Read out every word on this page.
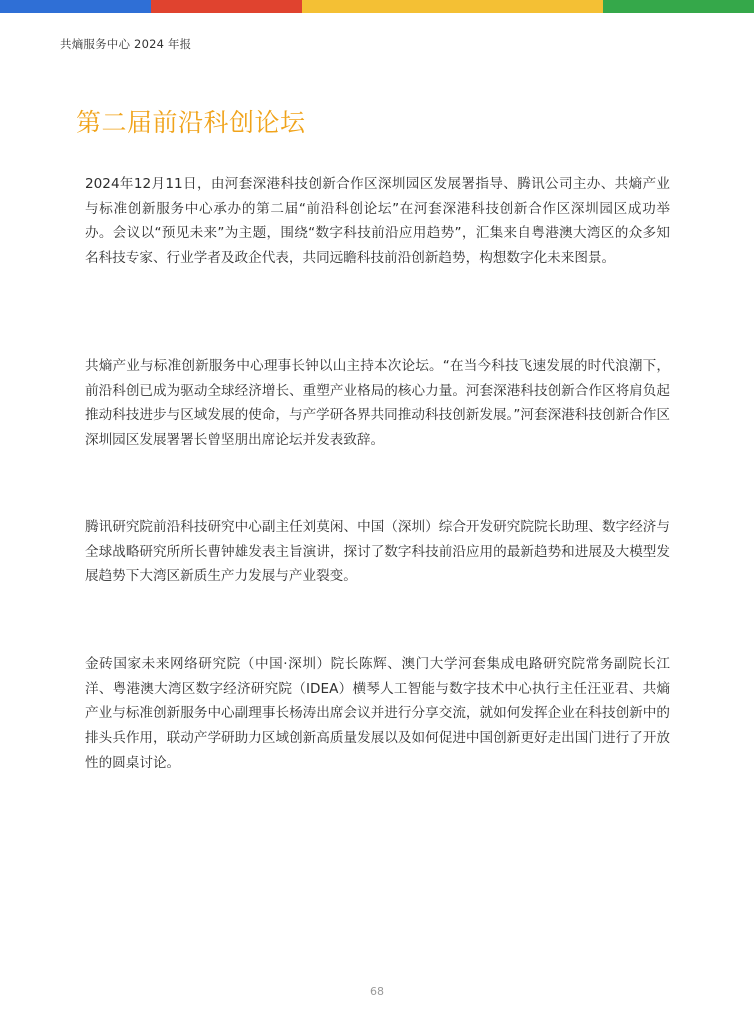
共熵服务中心 2024 年报
第二届前沿科创论坛

2024年12月11日，由河套深港科技创新合作区深圳园区发展署指导、腾讯公司主办、共熵产业与标准创新服务中心承办的第二届“前沿科创论坛”在河套深港科技创新合作区深圳园区成功举办。会议以“预见未来”为主题，围绕“数字科技前沿应用趋势”，汇集来自粤港澳大湾区的众多知名科技专家、行业学者及政企代表，共同远瞻科技前沿创新趋势，构想数字化未来图景。

共熵产业与标准创新服务中心理事长钟以山主持本次论坛。“在当今科技飞速发展的时代浪潮下，前沿科创已成为驱动全球经济增长、重塑产业格局的核心力量。河套深港科技创新合作区将肩负起推动科技进步与区域发展的使命，与产学研各界共同推动科技创新发展。”河套深港科技创新合作区深圳园区发展署署长曾坚朋出席论坛并发表致辞。

腾讯研究院前沿科技研究中心副主任刘莫闲、中国（深圳）综合开发研究院院长助理、数字经济与全球战略研究所所长曹钟雄发表主旨演讲，探讨了数字科技前沿应用的最新趋势和进展及大模型发展趋势下大湾区新质生产力发展与产业裂变。

金砖国家未来网络研究院（中国·深圳）院长陈辉、澳门大学河套集成电路研究院常务副院长江洋、粤港澳大湾区数字经济研究院（IDEA）横琴人工智能与数字技术中心执行主任汪亚君、共熵产业与标准创新服务中心副理事长杨涛出席会议并进行分享交流，就如何发挥企业在科技创新中的排头兵作用，联动产学研助力区域创新高质量发展以及如何促进中国创新更好走出国门进行了开放性的圆桌讨论。

68
